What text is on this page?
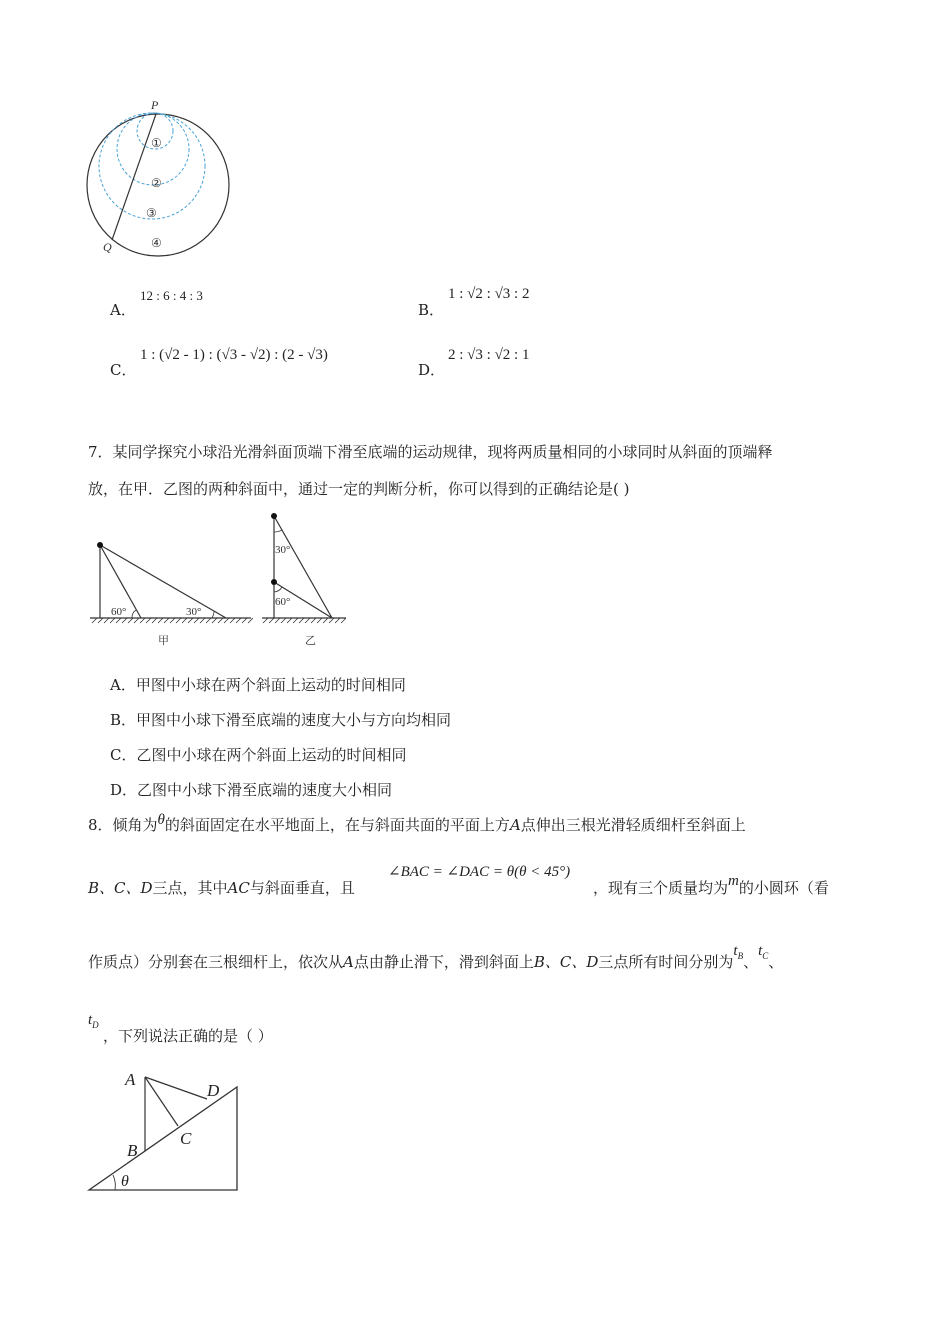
P
Q
①
②
③
④
A．
12 : 6 : 4 : 3
B．
1 : √2 : √3 : 2
C．
1 : (√2 - 1) : (√3 - √2) : (2 - √3)
D．
2 : √3 : √2 : 1
7．某同学探究小球沿光滑斜面顶端下滑至底端的运动规律，现将两质量相同的小球同时从斜面的顶端释
放，在甲．乙图的两种斜面中，通过一定的判断分析，你可以得到的正确结论是( )
60°	30°
甲
30°
60°
乙
A．甲图中小球在两个斜面上运动的时间相同
B．甲图中小球下滑至底端的速度大小与方向均相同
C．乙图中小球在两个斜面上运动的时间相同
D．乙图中小球下滑至底端的速度大小相同
8．倾角为θ的斜面固定在水平地面上，在与斜面共面的平面上方A点伸出三根光滑轻质细杆至斜面上
B、C、D三点，其中AC与斜面垂直，且
∠BAC = ∠DAC = θ(θ < 45°)
，现有三个质量均为m的小圆环（看
作质点）分别套在三根细杆上，依次从A点由静止滑下，滑到斜面上B、C、D三点所有时间分别为$t_B$、$t_C$、
$t_D$
，下列说法正确的是（ ）
A
B
C
D
θ
